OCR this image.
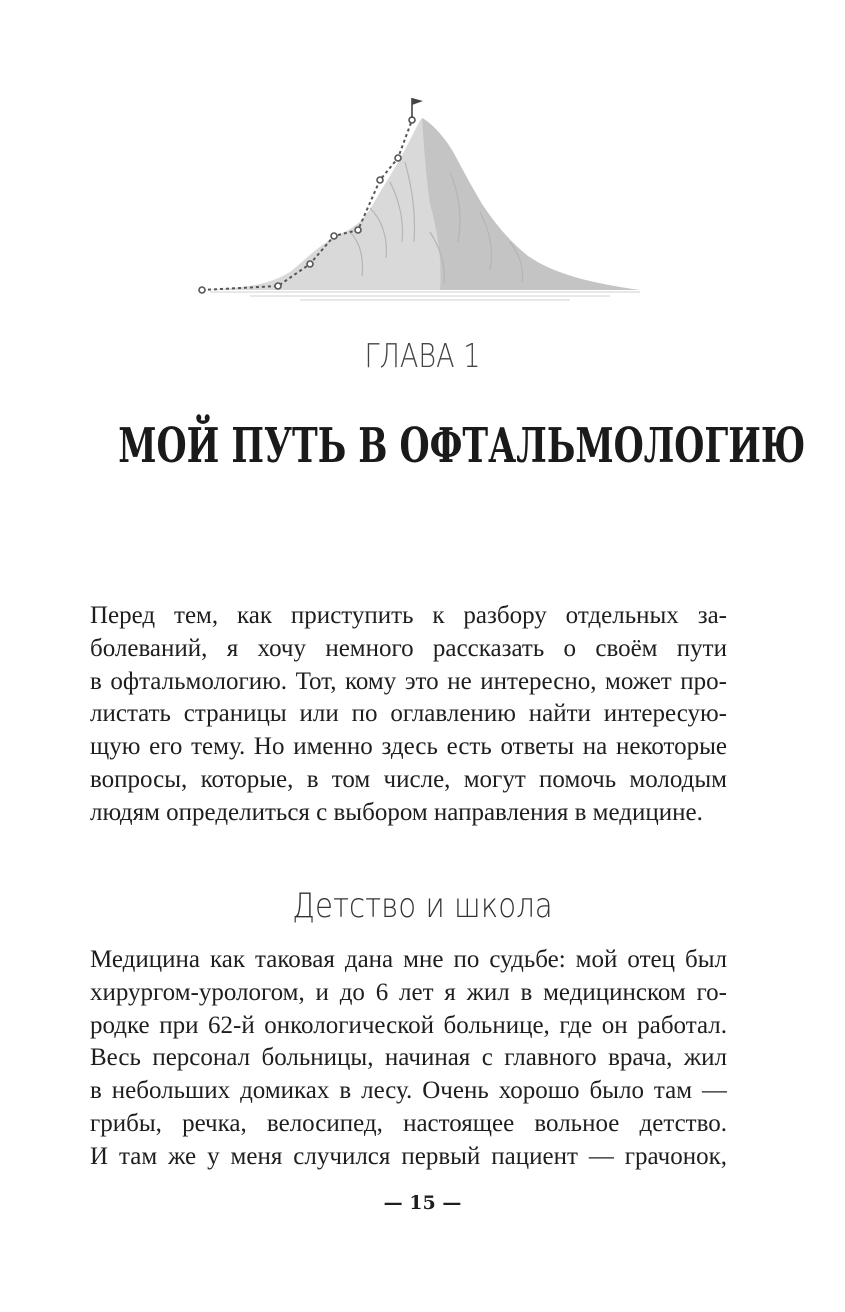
ГЛАВА 1
МОЙ ПУТЬ В ОФТАЛЬМОЛОГИЮ
Перед тем, как приступить к разбору отдельных за-
болеваний, я хочу немного рассказать о своём пути
в офтальмологию. Тот, кому это не интересно, может про-
листать страницы или по оглавлению найти интересую-
щую его тему. Но именно здесь есть ответы на некоторые
вопросы, которые, в том числе, могут помочь молодым
людям определиться с выбором направления в медицине.
Детство и школа
Медицина как таковая дана мне по судьбе: мой отец был
хирургом-урологом, и до 6 лет я жил в медицинском го-
родке при 62-й онкологической больнице, где он работал.
Весь персонал больницы, начиная с главного врача, жил
в небольших домиках в лесу. Очень хорошо было там —
грибы, речка, велосипед, настоящее вольное детство.
И там же у меня случился первый пациент — грачонок,
— 15 —
